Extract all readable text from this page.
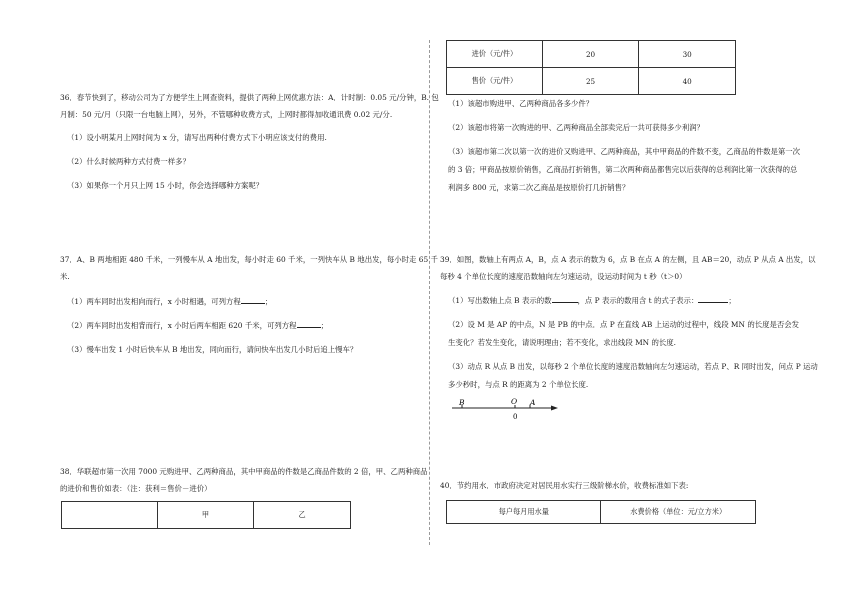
36．春节快到了，移动公司为了方便学生上网查资料，提供了两种上网优惠方法：A．计时制：0.05 元/分钟，B. 包
月制：50 元/月（只限一台电脑上网），另外，不管哪种收费方式，上网时都得加收通讯费 0.02 元/分.
（1）设小明某月上网时间为 x 分，请写出两种付费方式下小明应该支付的费用.
（2）什么时候两种方式付费一样多？
（3）如果你一个月只上网 15 小时，你会选择哪种方案呢？
37．A、B 两地相距 480 千米，一列慢车从 A 地出发，每小时走 60 千米，一列快车从 B 地出发，每小时走 65 千
米.
（1）两车同时出发相向而行，x 小时相遇，可列方程	；
（2）两车同时出发相背而行，x 小时后两车相距 620 千米，可列方程	；
（3）慢车出发 1 小时后快车从 B 地出发，同向而行，请问快车出发几小时后追上慢车？
38．华联超市第一次用 7000 元购进甲、乙两种商品，其中甲商品的件数是乙商品件数的 2 倍，甲、乙两种商品
的进价和售价如表：（注：获利＝售价－进价）
	甲	乙
进价（元/件）	20	30
售价（元/件）	25	40
（1）该超市购进甲、乙两种商品各多少件？
（2）该超市将第一次购进的甲、乙两种商品全部卖完后一共可获得多少利润？
（3）该超市第二次以第一次的进价又购进甲、乙两种商品，其中甲商品的件数不变，乙商品的件数是第一次
的 3 倍；甲商品按原价销售，乙商品打折销售，第二次两种商品都售完以后获得的总利润比第一次获得的总
利润多 800 元，求第二次乙商品是按原价打几折销售？
39．如图，数轴上有两点 A，B，点 A 表示的数为 6，点 B 在点 A 的左侧，且 AB＝20，动点 P 从点 A 出发，以
每秒 4 个单位长度的速度沿数轴向左匀速运动，设运动时间为 t 秒（t＞0）
（1）写出数轴上点 B 表示的数	，点 P 表示的数用含 t 的式子表示：	；
（2）设 M 是 AP 的中点，N 是 PB 的中点．点 P 在直线 AB 上运动的过程中，线段 MN 的长度是否会发
生变化？若发生变化，请说明理由；若不变化，求出线段 MN 的长度.
（3）动点 R 从点 B 出发，以每秒 2 个单位长度的速度沿数轴向左匀速运动，若点 P、R 同时出发，问点 P 运动
多少秒时，与点 R 的距离为 2 个单位长度.
40．节约用水．市政府决定对居民用水实行三级阶梯水价，收费标准如下表:
B	O A
0
每户每月用水量	水费价格（单位：元/立方米）
